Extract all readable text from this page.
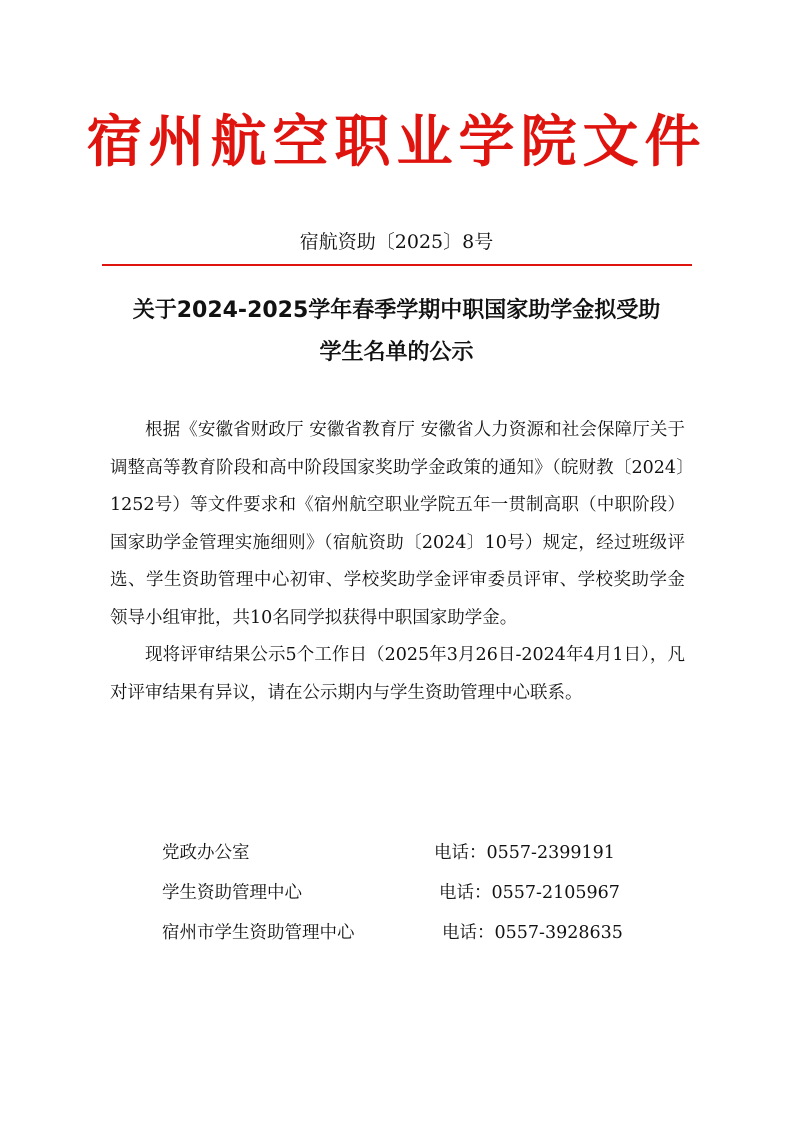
宿州航空职业学院文件
宿航资助〔2025〕8号
关于2024-2025学年春季学期中职国家助学金拟受助
学生名单的公示

根据《安徽省财政厅 安徽省教育厅 安徽省人力资源和社会保障厅关于调整高等教育阶段和高中阶段国家奖助学金政策的通知》（皖财教〔2024〕1252号）等文件要求和《宿州航空职业学院五年一贯制高职（中职阶段）国家助学金管理实施细则》（宿航资助〔2024〕10号）规定，经过班级评选、学生资助管理中心初审、学校奖助学金评审委员评审、学校奖助学金领导小组审批，共10名同学拟获得中职国家助学金。

现将评审结果公示5个工作日（2025年3月26日-2024年4月1日），凡对评审结果有异议，请在公示期内与学生资助管理中心联系。

党政办公室	电话：0557-2399191
学生资助管理中心	电话：0557-2105967
宿州市学生资助管理中心	电话：0557-3928635
